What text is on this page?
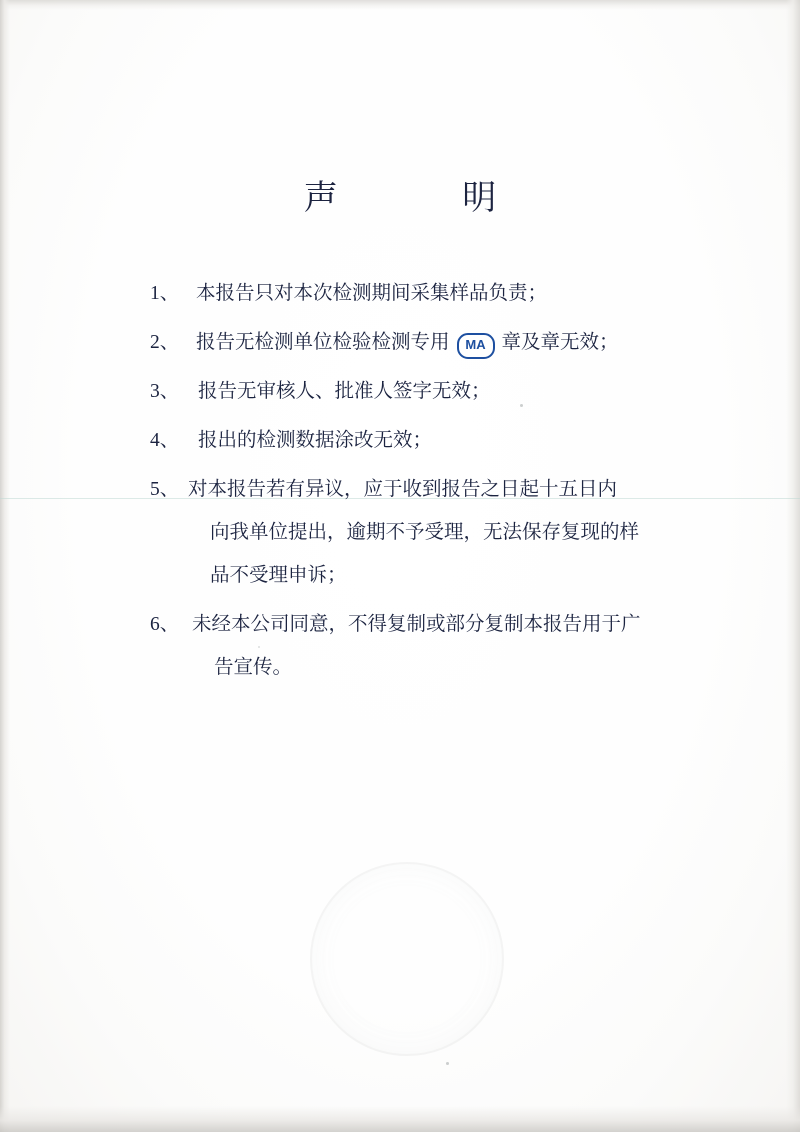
声 明
1、 本报告只对本次检测期间采集样品负责；
2、 报告无检测单位检验检测专用 MA 章及章无效；
3、 报告无审核人、批准人签字无效；
4、 报出的检测数据涂改无效；
5、 对本报告若有异议，应于收到报告之日起十五日内
向我单位提出，逾期不予受理，无法保存复现的样
品不受理申诉；
6、 未经本公司同意，不得复制或部分复制本报告用于广
告宣传。
